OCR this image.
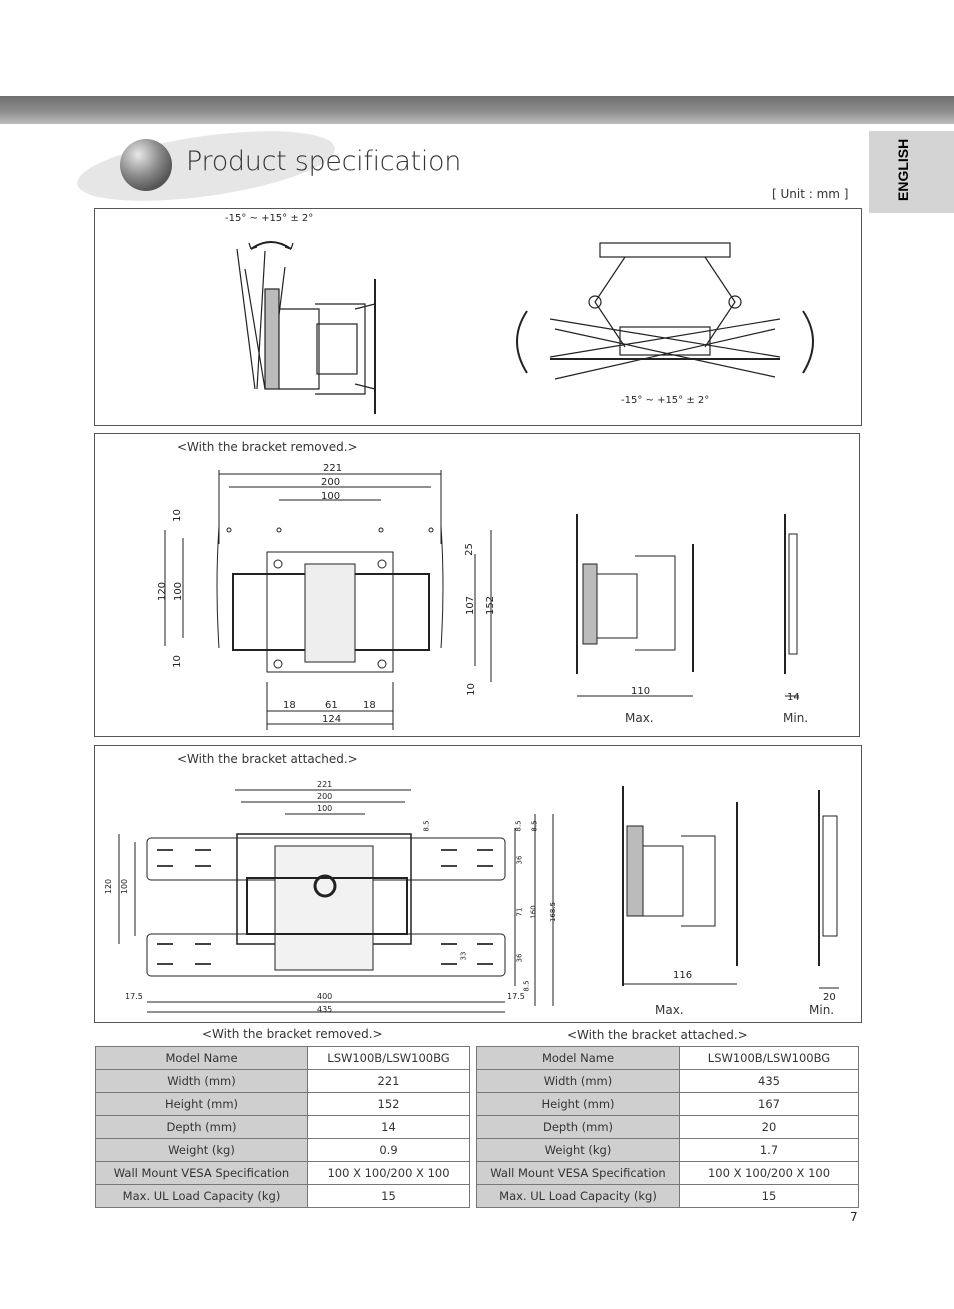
ENGLISH
Product specification
[ Unit : mm ]
-15° ~ +15° ± 2°
-15° ~ +15° ± 2°
<With the bracket removed.>
221
200
100
10
120 100
10
25
107 152
10
18	61	18
124
110
14
Max.	Min.
<With the bracket attached.>
221
200
100
120 100
8.5	8.5 8.5
36
71 160 168.5
33	36
8.5
17.5	400
435
17.5
116
20
Max.	Min.
<With the bracket removed.>
Model Name	LSW100B/LSW100BG
Width (mm)	221
Height (mm)	152
Depth (mm)	14
Weight (kg)	0.9
Wall Mount VESA Specification	100 X 100/200 X 100
Max. UL Load Capacity (kg)	15
<With the bracket attached.>
Model Name	LSW100B/LSW100BG
Width (mm)	435
Height (mm)	167
Depth (mm)	20
Weight (kg)	1.7
Wall Mount VESA Specification	100 X 100/200 X 100
Max. UL Load Capacity (kg)	15
7
